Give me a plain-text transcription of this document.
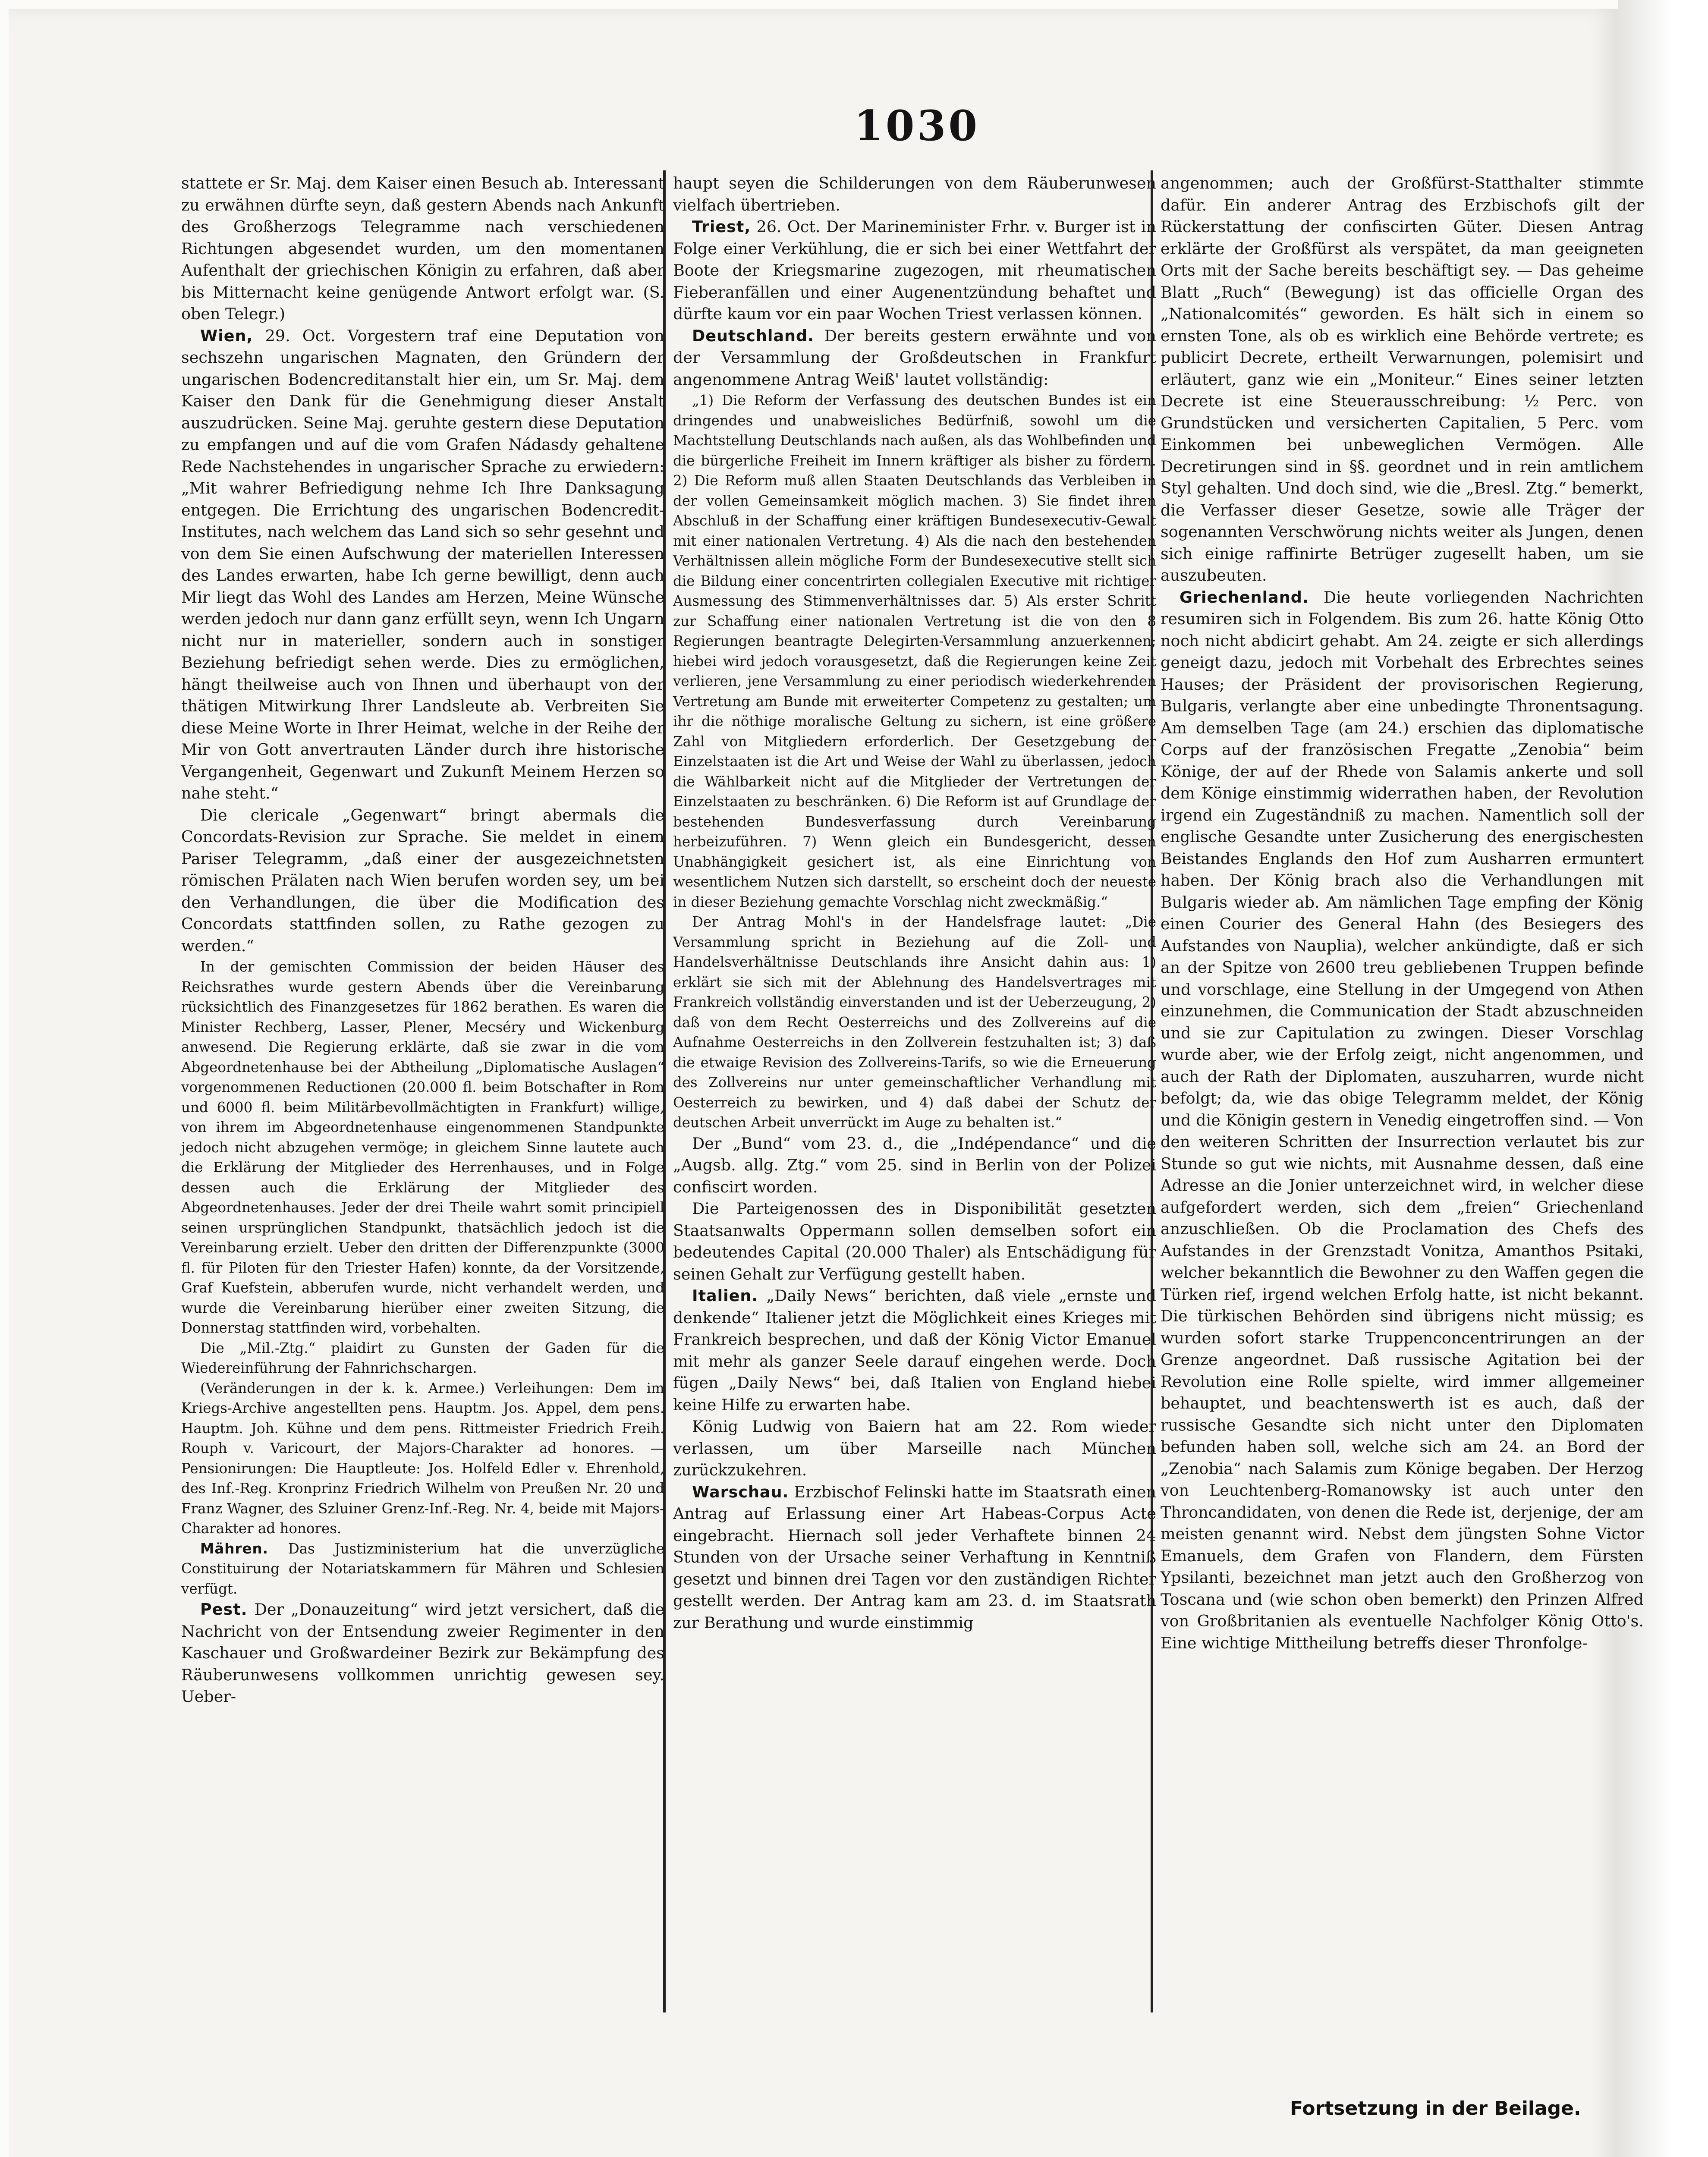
1030

stattete er Sr. Maj. dem Kaiser einen Besuch ab. Interessant zu erwähnen dürfte seyn, daß gestern Abends nach Ankunft des Großherzogs Telegramme nach verschiedenen Richtungen abgesendet wurden, um den momentanen Aufenthalt der griechischen Königin zu erfahren, daß aber bis Mitternacht keine genügende Antwort erfolgt war. (S. oben Telegr.)

Wien, 29. Oct. Vorgestern traf eine Deputation von sechszehn ungarischen Magnaten, den Gründern der ungarischen Bodencreditanstalt hier ein, um Sr. Maj. dem Kaiser den Dank für die Genehmigung dieser Anstalt auszudrücken. Seine Maj. geruhte gestern diese Deputation zu empfangen und auf die vom Grafen Nádasdy gehaltene Rede Nachstehendes in ungarischer Sprache zu erwiedern: „Mit wahrer Befriedigung nehme Ich Ihre Danksagung entgegen. Die Errichtung des ungarischen Bodencredit-Institutes, nach welchem das Land sich so sehr gesehnt und von dem Sie einen Aufschwung der materiellen Interessen des Landes erwarten, habe Ich gerne bewilligt, denn auch Mir liegt das Wohl des Landes am Herzen, Meine Wünsche werden jedoch nur dann ganz erfüllt seyn, wenn Ich Ungarn nicht nur in materieller, sondern auch in sonstiger Beziehung befriedigt sehen werde. Dies zu ermöglichen, hängt theilweise auch von Ihnen und überhaupt von der thätigen Mitwirkung Ihrer Landsleute ab. Verbreiten Sie diese Meine Worte in Ihrer Heimat, welche in der Reihe der Mir von Gott anvertrauten Länder durch ihre historische Vergangenheit, Gegenwart und Zukunft Meinem Herzen so nahe steht.“

Die clericale „Gegenwart“ bringt abermals die Concordats-Revision zur Sprache. Sie meldet in einem Pariser Telegramm, „daß einer der ausgezeichnetsten römischen Prälaten nach Wien berufen worden sey, um bei den Verhandlungen, die über die Modification des Concordats stattfinden sollen, zu Rathe gezogen zu werden.“

In der gemischten Commission der beiden Häuser des Reichsrathes wurde gestern Abends über die Vereinbarung rücksichtlich des Finanzgesetzes für 1862 berathen. Es waren die Minister Rechberg, Lasser, Plener, Mecséry und Wickenburg anwesend. Die Regierung erklärte, daß sie zwar in die vom Abgeordnetenhause bei der Abtheilung „Diplomatische Auslagen“ vorgenommenen Reductionen (20.000 fl. beim Botschafter in Rom und 6000 fl. beim Militärbevollmächtigten in Frankfurt) willige, von ihrem im Abgeordnetenhause eingenommenen Standpunkte jedoch nicht abzugehen vermöge; in gleichem Sinne lautete auch die Erklärung der Mitglieder des Herrenhauses, und in Folge dessen auch die Erklärung der Mitglieder des Abgeordnetenhauses. Jeder der drei Theile wahrt somit principiell seinen ursprünglichen Standpunkt, thatsächlich jedoch ist die Vereinbarung erzielt. Ueber den dritten der Differenzpunkte (3000 fl. für Piloten für den Triester Hafen) konnte, da der Vorsitzende, Graf Kuefstein, abberufen wurde, nicht verhandelt werden, und wurde die Vereinbarung hierüber einer zweiten Sitzung, die Donnerstag stattfinden wird, vorbehalten.

Die „Mil.-Ztg.“ plaidirt zu Gunsten der Gaden für die Wiedereinführung der Fahnrichschargen.

(Veränderungen in der k. k. Armee.) Verleihungen: Dem im Kriegs-Archive angestellten pens. Hauptm. Jos. Appel, dem pens. Hauptm. Joh. Kühne und dem pens. Rittmeister Friedrich Freih. Rouph v. Varicourt, der Majors-Charakter ad honores. — Pensionirungen: Die Hauptleute: Jos. Holfeld Edler v. Ehrenhold, des Inf.-Reg. Kronprinz Friedrich Wilhelm von Preußen Nr. 20 und Franz Wagner, des Szluiner Grenz-Inf.-Reg. Nr. 4, beide mit Majors-Charakter ad honores.

Mähren. Das Justizministerium hat die unverzügliche Constituirung der Notariatskammern für Mähren und Schlesien verfügt.

Pest. Der „Donauzeitung“ wird jetzt versichert, daß die Nachricht von der Entsendung zweier Regimenter in den Kaschauer und Großwardeiner Bezirk zur Bekämpfung des Räuberunwesens vollkommen unrichtig gewesen sey. Ueber-

haupt seyen die Schilderungen von dem Räuberunwesen vielfach übertrieben.

Triest, 26. Oct. Der Marineminister Frhr. v. Burger ist in Folge einer Verkühlung, die er sich bei einer Wettfahrt der Boote der Kriegsmarine zugezogen, mit rheumatischen Fieberanfällen und einer Augenentzündung behaftet und dürfte kaum vor ein paar Wochen Triest verlassen können.

Deutschland. Der bereits gestern erwähnte und von der Versammlung der Großdeutschen in Frankfurt angenommene Antrag Weiß' lautet vollständig:

„1) Die Reform der Verfassung des deutschen Bundes ist ein dringendes und unabweisliches Bedürfniß, sowohl um die Machtstellung Deutschlands nach außen, als das Wohlbefinden und die bürgerliche Freiheit im Innern kräftiger als bisher zu fördern. 2) Die Reform muß allen Staaten Deutschlands das Verbleiben in der vollen Gemeinsamkeit möglich machen. 3) Sie findet ihren Abschluß in der Schaffung einer kräftigen Bundesexecutiv-Gewalt mit einer nationalen Vertretung. 4) Als die nach den bestehenden Verhältnissen allein mögliche Form der Bundesexecutive stellt sich die Bildung einer concentrirten collegialen Executive mit richtiger Ausmessung des Stimmenverhältnisses dar. 5) Als erster Schritt zur Schaffung einer nationalen Vertretung ist die von den 8 Regierungen beantragte Delegirten-Versammlung anzuerkennen; hiebei wird jedoch vorausgesetzt, daß die Regierungen keine Zeit verlieren, jene Versammlung zu einer periodisch wiederkehrenden Vertretung am Bunde mit erweiterter Competenz zu gestalten; um ihr die nöthige moralische Geltung zu sichern, ist eine größere Zahl von Mitgliedern erforderlich. Der Gesetzgebung der Einzelstaaten ist die Art und Weise der Wahl zu überlassen, jedoch die Wählbarkeit nicht auf die Mitglieder der Vertretungen der Einzelstaaten zu beschränken. 6) Die Reform ist auf Grundlage der bestehenden Bundesverfassung durch Vereinbarung herbeizuführen. 7) Wenn gleich ein Bundesgericht, dessen Unabhängigkeit gesichert ist, als eine Einrichtung von wesentlichem Nutzen sich darstellt, so erscheint doch der neueste in dieser Beziehung gemachte Vorschlag nicht zweckmäßig.“

Der Antrag Mohl's in der Handelsfrage lautet: „Die Versammlung spricht in Beziehung auf die Zoll- und Handelsverhältnisse Deutschlands ihre Ansicht dahin aus: 1) erklärt sie sich mit der Ablehnung des Handelsvertrages mit Frankreich vollständig einverstanden und ist der Ueberzeugung, 2) daß von dem Recht Oesterreichs und des Zollvereins auf die Aufnahme Oesterreichs in den Zollverein festzuhalten ist; 3) daß die etwaige Revision des Zollvereins-Tarifs, so wie die Erneuerung des Zollvereins nur unter gemeinschaftlicher Verhandlung mit Oesterreich zu bewirken, und 4) daß dabei der Schutz der deutschen Arbeit unverrückt im Auge zu behalten ist.“

Der „Bund“ vom 23. d., die „Indépendance“ und die „Augsb. allg. Ztg.“ vom 25. sind in Berlin von der Polizei confiscirt worden.

Die Parteigenossen des in Disponibilität gesetzten Staatsanwalts Oppermann sollen demselben sofort ein bedeutendes Capital (20.000 Thaler) als Entschädigung für seinen Gehalt zur Verfügung gestellt haben.

Italien. „Daily News“ berichten, daß viele „ernste und denkende“ Italiener jetzt die Möglichkeit eines Krieges mit Frankreich besprechen, und daß der König Victor Emanuel mit mehr als ganzer Seele darauf eingehen werde. Doch fügen „Daily News“ bei, daß Italien von England hiebei keine Hilfe zu erwarten habe.

König Ludwig von Baiern hat am 22. Rom wieder verlassen, um über Marseille nach München zurückzukehren.

Warschau. Erzbischof Felinski hatte im Staatsrath einen Antrag auf Erlassung einer Art Habeas-Corpus Acte eingebracht. Hiernach soll jeder Verhaftete binnen 24 Stunden von der Ursache seiner Verhaftung in Kenntniß gesetzt und binnen drei Tagen vor den zuständigen Richter gestellt werden. Der Antrag kam am 23. d. im Staatsrath zur Berathung und wurde einstimmig

angenommen; auch der Großfürst-Statthalter stimmte dafür. Ein anderer Antrag des Erzbischofs gilt der Rückerstattung der confiscirten Güter. Diesen Antrag erklärte der Großfürst als verspätet, da man geeigneten Orts mit der Sache bereits beschäftigt sey. — Das geheime Blatt „Ruch“ (Bewegung) ist das officielle Organ des „Nationalcomités“ geworden. Es hält sich in einem so ernsten Tone, als ob es wirklich eine Behörde vertrete; es publicirt Decrete, ertheilt Verwarnungen, polemisirt und erläutert, ganz wie ein „Moniteur.“ Eines seiner letzten Decrete ist eine Steuerausschreibung: ½ Perc. von Grundstücken und versicherten Capitalien, 5 Perc. vom Einkommen bei unbeweglichen Vermögen. Alle Decretirungen sind in §§. geordnet und in rein amtlichem Styl gehalten. Und doch sind, wie die „Bresl. Ztg.“ bemerkt, die Verfasser dieser Gesetze, sowie alle Träger der sogenannten Verschwörung nichts weiter als Jungen, denen sich einige raffinirte Betrüger zugesellt haben, um sie auszubeuten.

Griechenland. Die heute vorliegenden Nachrichten resumiren sich in Folgendem. Bis zum 26. hatte König Otto noch nicht abdicirt gehabt. Am 24. zeigte er sich allerdings geneigt dazu, jedoch mit Vorbehalt des Erbrechtes seines Hauses; der Präsident der provisorischen Regierung, Bulgaris, verlangte aber eine unbedingte Thronentsagung. Am demselben Tage (am 24.) erschien das diplomatische Corps auf der französischen Fregatte „Zenobia“ beim Könige, der auf der Rhede von Salamis ankerte und soll dem Könige einstimmig widerrathen haben, der Revolution irgend ein Zugeständniß zu machen. Namentlich soll der englische Gesandte unter Zusicherung des energischesten Beistandes Englands den Hof zum Ausharren ermuntert haben. Der König brach also die Verhandlungen mit Bulgaris wieder ab. Am nämlichen Tage empfing der König einen Courier des General Hahn (des Besiegers des Aufstandes von Nauplia), welcher ankündigte, daß er sich an der Spitze von 2600 treu gebliebenen Truppen befinde und vorschlage, eine Stellung in der Umgegend von Athen einzunehmen, die Communication der Stadt abzuschneiden und sie zur Capitulation zu zwingen. Dieser Vorschlag wurde aber, wie der Erfolg zeigt, nicht angenommen, und auch der Rath der Diplomaten, auszuharren, wurde nicht befolgt; da, wie das obige Telegramm meldet, der König und die Königin gestern in Venedig eingetroffen sind. — Von den weiteren Schritten der Insurrection verlautet bis zur Stunde so gut wie nichts, mit Ausnahme dessen, daß eine Adresse an die Jonier unterzeichnet wird, in welcher diese aufgefordert werden, sich dem „freien“ Griechenland anzuschließen. Ob die Proclamation des Chefs des Aufstandes in der Grenzstadt Vonitza, Amanthos Psitaki, welcher bekanntlich die Bewohner zu den Waffen gegen die Türken rief, irgend welchen Erfolg hatte, ist nicht bekannt. Die türkischen Behörden sind übrigens nicht müssig; es wurden sofort starke Truppenconcentrirungen an der Grenze angeordnet. Daß russische Agitation bei der Revolution eine Rolle spielte, wird immer allgemeiner behauptet, und beachtenswerth ist es auch, daß der russische Gesandte sich nicht unter den Diplomaten befunden haben soll, welche sich am 24. an Bord der „Zenobia“ nach Salamis zum Könige begaben. Der Herzog von Leuchtenberg-Romanowsky ist auch unter den Throncandidaten, von denen die Rede ist, derjenige, der am meisten genannt wird. Nebst dem jüngsten Sohne Victor Emanuels, dem Grafen von Flandern, dem Fürsten Ypsilanti, bezeichnet man jetzt auch den Großherzog von Toscana und (wie schon oben bemerkt) den Prinzen Alfred von Großbritanien als eventuelle Nachfolger König Otto's. Eine wichtige Mittheilung betreffs dieser Thronfolge-

Fortsetzung in der Beilage.
